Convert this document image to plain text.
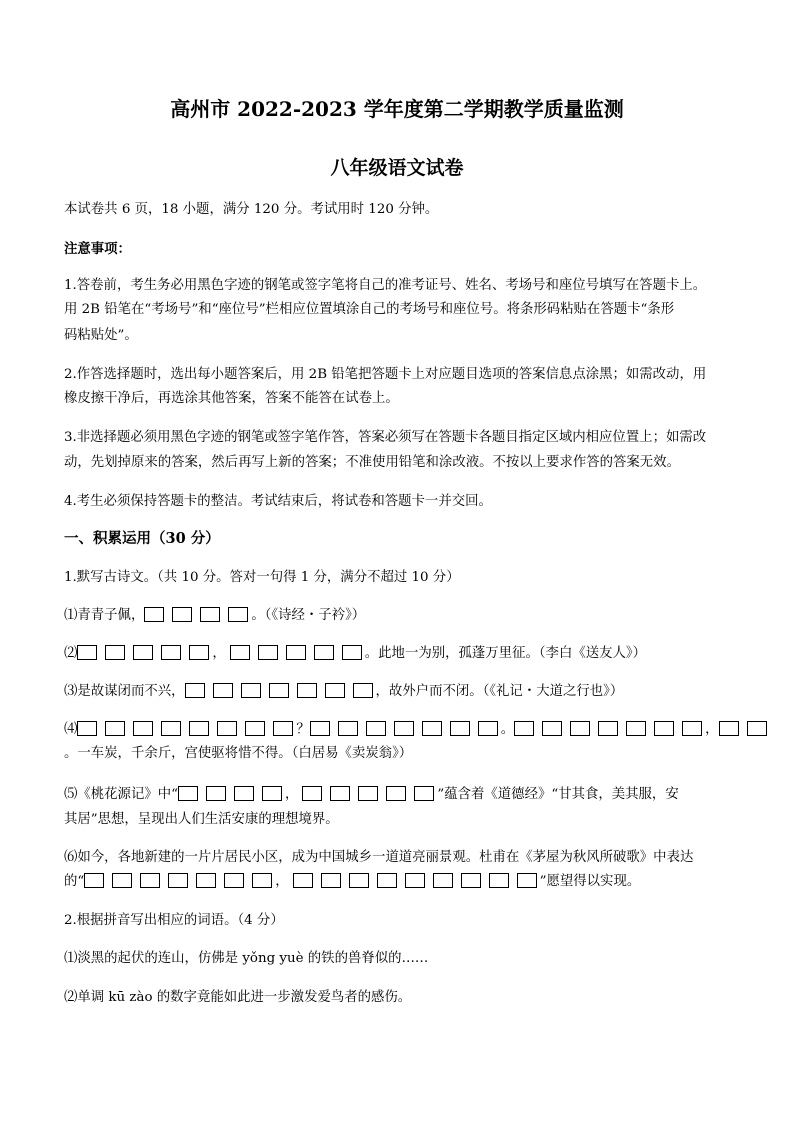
高州市 2022-2023 学年度第二学期教学质量监测
八年级语文试卷
本试卷共 6 页，18 小题，满分 120 分。考试用时 120 分钟。
注意事项：
1.答卷前，考生务必用黑色字迹的钢笔或签字笔将自己的准考证号、姓名、考场号和座位号填写在答题卡上。
用 2B 铅笔在“考场号”和“座位号”栏相应位置填涂自己的考场号和座位号。将条形码粘贴在答题卡“条形
码粘贴处”。
2.作答选择题时，选出每小题答案后，用 2B 铅笔把答题卡上对应题目选项的答案信息点涂黑；如需改动，用
橡皮擦干净后，再选涂其他答案，答案不能答在试卷上。
3.非选择题必须用黑色字迹的钢笔或签字笔作答，答案必须写在答题卡各题目指定区域内相应位置上；如需改
动，先划掉原来的答案，然后再写上新的答案；不准使用铅笔和涂改液。不按以上要求作答的答案无效。
4.考生必须保持答题卡的整洁。考试结束后，将试卷和答题卡一并交回。
一、积累运用（30 分）
1.默写古诗文。（共 10 分。答对一句得 1 分，满分不超过 10 分）
⑴青青子佩，	。（《诗经・子衿》）
⑵	，	。此地一为别，孤蓬万里征。（李白《送友人》）
⑶是故谋闭而不兴，	，故外户而不闭。（《礼记・大道之行也》）
⑷	？	。	，
。一车炭，千余斤，宫使驱将惜不得。（白居易《卖炭翁》）
⑸《桃花源记》中“	，	”蕴含着《道德经》“甘其食，美其服，安
其居”思想，呈现出人们生活安康的理想境界。
⑹如今，各地新建的一片片居民小区，成为中国城乡一道道亮丽景观。杜甫在《茅屋为秋风所破歌》中表达
的“	，	”愿望得以实现。
2.根据拼音写出相应的词语。（4 分）
⑴淡黑的起伏的连山，仿佛是 yǒng yuè 的铁的兽脊似的……
⑵单调 kū zào 的数字竟能如此进一步激发爱鸟者的感伤。
